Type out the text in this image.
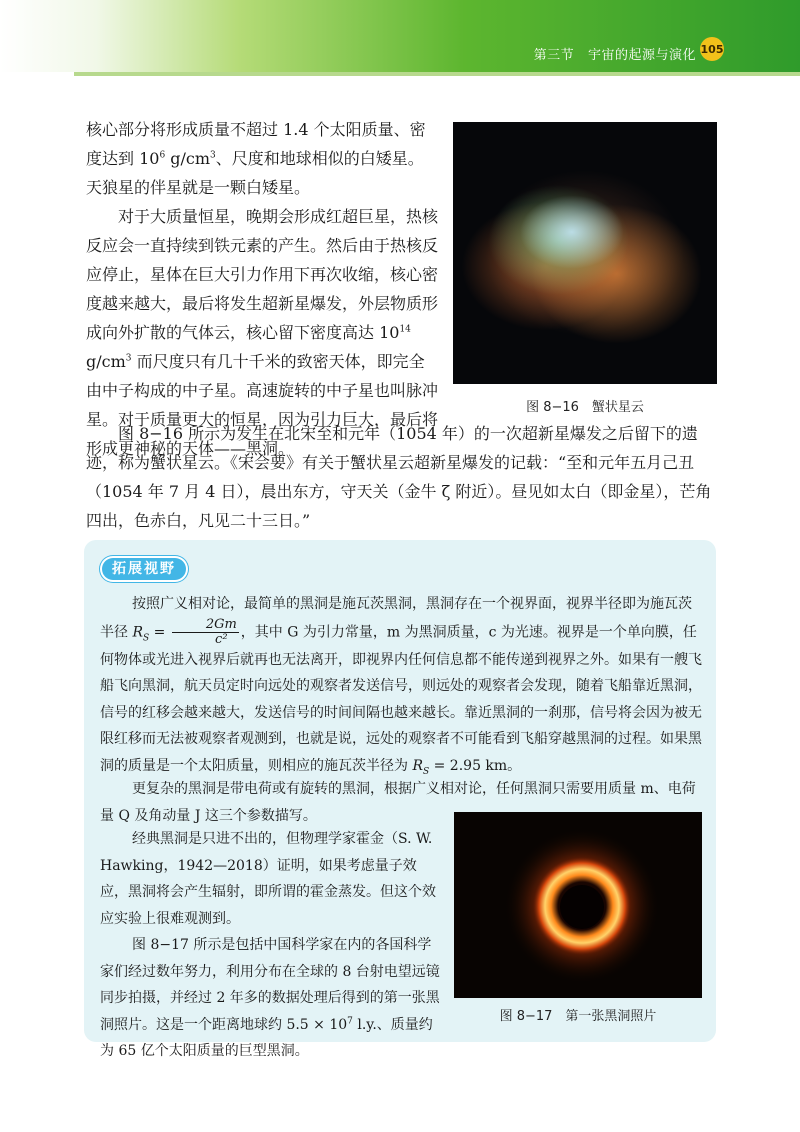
第三节 宇宙的起源与演化 105

核心部分将形成质量不超过 1.4 个太阳质量、密度达到 $10^6$ $g/cm^3$、尺度和地球相似的白矮星。天狼星的伴星就是一颗白矮星。

对于大质量恒星，晚期会形成红超巨星，热核反应会一直持续到铁元素的产生。然后由于热核反应停止，星体在巨大引力作用下再次收缩，核心密度越来越大，最后将发生超新星爆发，外层物质形成向外扩散的气体云，核心留下密度高达 $10^{14}$ $g/cm^3$ 而尺度只有几十千米的致密天体，即完全由中子构成的中子星。高速旋转的中子星也叫脉冲星。对于质量更大的恒星，因为引力巨大，最后将形成更神秘的天体——黑洞。

图 8−16　蟹状星云

图 8−16 所示为发生在北宋至和元年（1054 年）的一次超新星爆发之后留下的遗迹，称为蟹状星云。《宋会要》有关于蟹状星云超新星爆发的记载：“至和元年五月己丑（1054 年 7 月 4 日），晨出东方，守天关（金牛 ζ 附近）。昼见如太白（即金星），芒角四出，色赤白，凡见二十三日。”

拓展视野

按照广义相对论，最简单的黑洞是施瓦茨黑洞，黑洞存在一个视界面，视界半径即为施瓦茨半径 $R_S = \frac{2Gm}{\text{c²}}$ ，其中 G 为引力常量，m 为黑洞质量，c 为光速。视界是一个单向膜，任何物体或光进入视界后就再也无法离开，即视界内任何信息都不能传递到视界之外。如果有一艘飞船飞向黑洞，航天员定时向远处的观察者发送信号，则远处的观察者会发现，随着飞船靠近黑洞，信号的红移会越来越大，发送信号的时间间隔也越来越长。靠近黑洞的一刹那，信号将会因为被无限红移而无法被观察者观测到，也就是说，远处的观察者不可能看到飞船穿越黑洞的过程。如果黑洞的质量是一个太阳质量，则相应的施瓦茨半径为 $R_S = 2.95$ km。

更复杂的黑洞是带电荷或有旋转的黑洞，根据广义相对论，任何黑洞只需要用质量 m、电荷量 Q 及角动量 J 这三个参数描写。

经典黑洞是只进不出的，但物理学家霍金（S. W. Hawking，1942—2018）证明，如果考虑量子效应，黑洞将会产生辐射，即所谓的霍金蒸发。但这个效应实验上很难观测到。

图 8−17 所示是包括中国科学家在内的各国科学家们经过数年努力，利用分布在全球的 8 台射电望远镜同步拍摄，并经过 2 年多的数据处理后得到的第一张黑洞照片。这是一个距离地球约 $5.5 \times 10^7$ l.y.、质量约为 65 亿个太阳质量的巨型黑洞。

图 8−17　第一张黑洞照片
